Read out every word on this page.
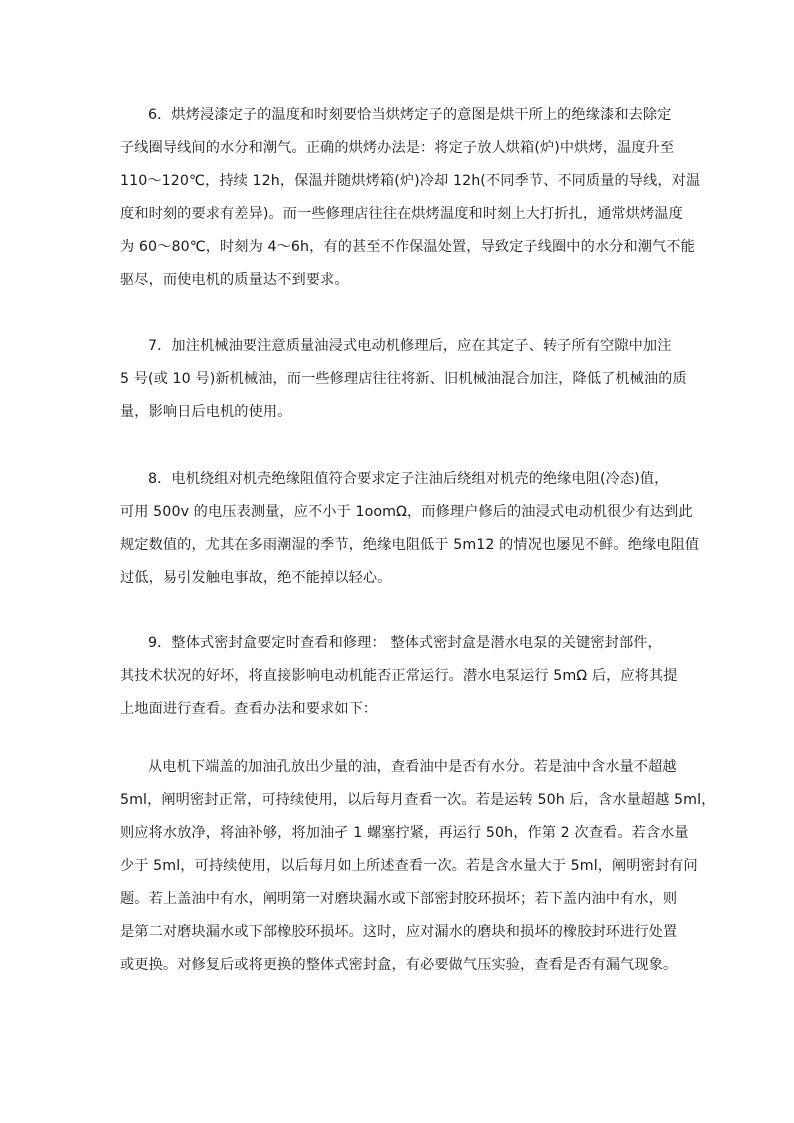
6．烘烤浸漆定子的温度和时刻要恰当烘烤定子的意图是烘干所上的绝缘漆和去除定
子线圈导线间的水分和潮气。正确的烘烤办法是：将定子放人烘箱(炉)中烘烤，温度升至
110～120℃，持续 12h，保温并随烘烤箱(炉)冷却 12h(不同季节、不同质量的导线，对温
度和时刻的要求有差异)。而一些修理店往往在烘烤温度和时刻上大打折扎，通常烘烤温度
为 60～80℃，时刻为 4～6h，有的甚至不作保温处置，导致定子线圈中的水分和潮气不能
驱尽，而使电机的质量达不到要求。
7．加注机械油要注意质量油浸式电动机修理后，应在其定子、转子所有空隙中加注
5 号(或 10 号)新机械油，而一些修理店往往将新、旧机械油混合加注，降低了机械油的质
量，影响日后电机的使用。
8．电机绕组对机壳绝缘阻值符合要求定子注油后绕组对机壳的绝缘电阻(冷态)值，
可用 500v 的电压表测量，应不小于 1oomΩ，而修理户修后的油浸式电动机很少有达到此
规定数值的，尤其在多雨潮湿的季节，绝缘电阻低于 5m12 的情况也屡见不鲜。绝缘电阻值
过低，易引发触电事故，绝不能掉以轻心。
9．整体式密封盒要定时查看和修理： 整体式密封盒是潜水电泵的关键密封部件，
其技术状况的好坏，将直接影响电动机能否正常运行。潜水电泵运行 5mΩ 后，应将其提
上地面进行查看。查看办法和要求如下：
从电机下端盖的加油孔放出少量的油，查看油中是否有水分。若是油中含水量不超越
5ml，阐明密封正常，可持续使用，以后每月查看一次。若是运转 50h 后，含水量超越 5ml，
则应将水放净，将油补够，将加油孑 1 螺塞拧紧，再运行 50h，作第 2 次查看。若含水量
少于 5ml，可持续使用，以后每月如上所述查看一次。若是含水量大于 5ml，阐明密封有问
题。若上盖油中有水，阐明第一对磨块漏水或下部密封胶环损坏；若下盖内油中有水，则
是第二对磨块漏水或下部橡胶环损坏。这时，应对漏水的磨块和损坏的橡胶封环进行处置
或更换。对修复后或将更换的整体式密封盒，有必要做气压实验，查看是否有漏气现象。
